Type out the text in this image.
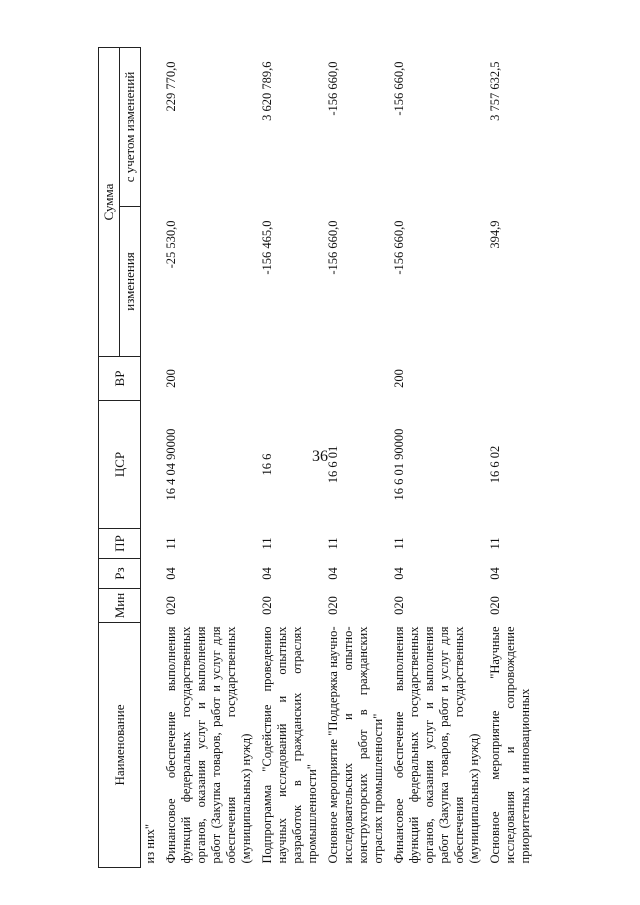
36
Наименование	Мин	Рз	ПР	ЦСР	ВР	Сумма	
						изменения	с учетом изменений
из них"							
Финансовое обеспечение выполнения функций федеральных государственных органов, оказания услуг и выполнения работ (Закупка товаров, работ и услуг для обеспечения государственных (муниципальных) нужд)	020	04	11	16 4 04 90000	200	-25 530,0	229 770,0
Подпрограмма "Содействие проведению научных исследований и опытных разработок в гражданских отраслях промышленности"	020	04	11	16 6		-156 465,0	3 620 789,6
Основное мероприятие "Поддержка научно-исследовательских и опытно-конструкторских работ в гражданских отраслях промышленности"	020	04	11	16 6 01		-156 660,0	-156 660,0
Финансовое обеспечение выполнения функций федеральных государственных органов, оказания услуг и выполнения работ (Закупка товаров, работ и услуг для обеспечения государственных (муниципальных) нужд)	020	04	11	16 6 01 90000	200	-156 660,0	-156 660,0
Основное мероприятие "Научные исследования и сопровождение приоритетных и инновационных	020	04	11	16 6 02		394,9	3 757 632,5
